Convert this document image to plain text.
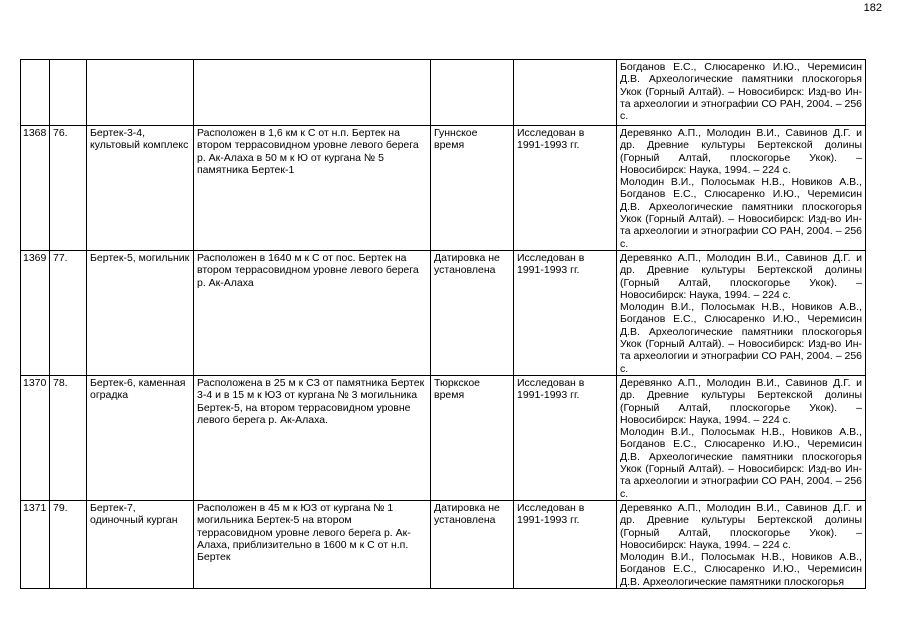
182

						Богданов Е.С., Слюсаренко И.Ю., Черемисин Д.В. Археологические памятники плоскогорья Укок (Горный Алтай). – Новосибирск: Изд-во Ин-та археологии и этнографии СО РАН, 2004. – 256 с.

1368	76.	Бертек-3-4, культовый комплекс	Расположен в 1,6 км к С от н.п. Бертек на втором террасовидном уровне левого берега р. Ак-Алаха в 50 м к Ю от кургана № 5 памятника Бертек-1	Гуннское время	Исследован в 1991-1993 гг.	Деревянко А.П., Молодин В.И., Савинов Д.Г. и др. Древние культуры Бертекской долины (Горный Алтай, плоскогорье Укок). – Новосибирск: Наука, 1994. – 224 с.

Молодин В.И., Полосьмак Н.В., Новиков А.В., Богданов Е.С., Слюсаренко И.Ю., Черемисин Д.В. Археологические памятники плоскогорья Укок (Горный Алтай). – Новосибирск: Изд-во Ин-та археологии и этнографии СО РАН, 2004. – 256 с.

1369	77.	Бертек-5, могильник	Расположен в 1640 м к С от пос. Бертек на втором террасовидном уровне левого берега р. Ак-Алаха	Датировка не установлена	Исследован в 1991-1993 гг.	Деревянко А.П., Молодин В.И., Савинов Д.Г. и др. Древние культуры Бертекской долины (Горный Алтай, плоскогорье Укок). – Новосибирск: Наука, 1994. – 224 с.

Молодин В.И., Полосьмак Н.В., Новиков А.В., Богданов Е.С., Слюсаренко И.Ю., Черемисин Д.В. Археологические памятники плоскогорья Укок (Горный Алтай). – Новосибирск: Изд-во Ин-та археологии и этнографии СО РАН, 2004. – 256 с.

1370	78.	Бертек-6, каменная оградка	Расположена в 25 м к СЗ от памятника Бертек 3-4 и в 15 м к ЮЗ от кургана № 3 могильника Бертек-5, на втором террасовидном уровне левого берега р. Ак-Алаха.	Тюркское время	Исследован в 1991-1993 гг.	Деревянко А.П., Молодин В.И., Савинов Д.Г. и др. Древние культуры Бертекской долины (Горный Алтай, плоскогорье Укок). – Новосибирск: Наука, 1994. – 224 с.

Молодин В.И., Полосьмак Н.В., Новиков А.В., Богданов Е.С., Слюсаренко И.Ю., Черемисин Д.В. Археологические памятники плоскогорья Укок (Горный Алтай). – Новосибирск: Изд-во Ин-та археологии и этнографии СО РАН, 2004. – 256 с.

1371	79.	Бертек-7, одиночный курган	Расположен в 45 м к ЮЗ от кургана № 1 могильника Бертек-5 на втором террасовидном уровне левого берега р. Ак-Алаха, приблизительно в 1600 м к С от н.п. Бертек	Датировка не установлена	Исследован в 1991-1993 гг.	Деревянко А.П., Молодин В.И., Савинов Д.Г. и др. Древние культуры Бертекской долины (Горный Алтай, плоскогорье Укок). – Новосибирск: Наука, 1994. – 224 с.

Молодин В.И., Полосьмак Н.В., Новиков А.В., Богданов Е.С., Слюсаренко И.Ю., Черемисин Д.В. Археологические памятники плоскогорья
